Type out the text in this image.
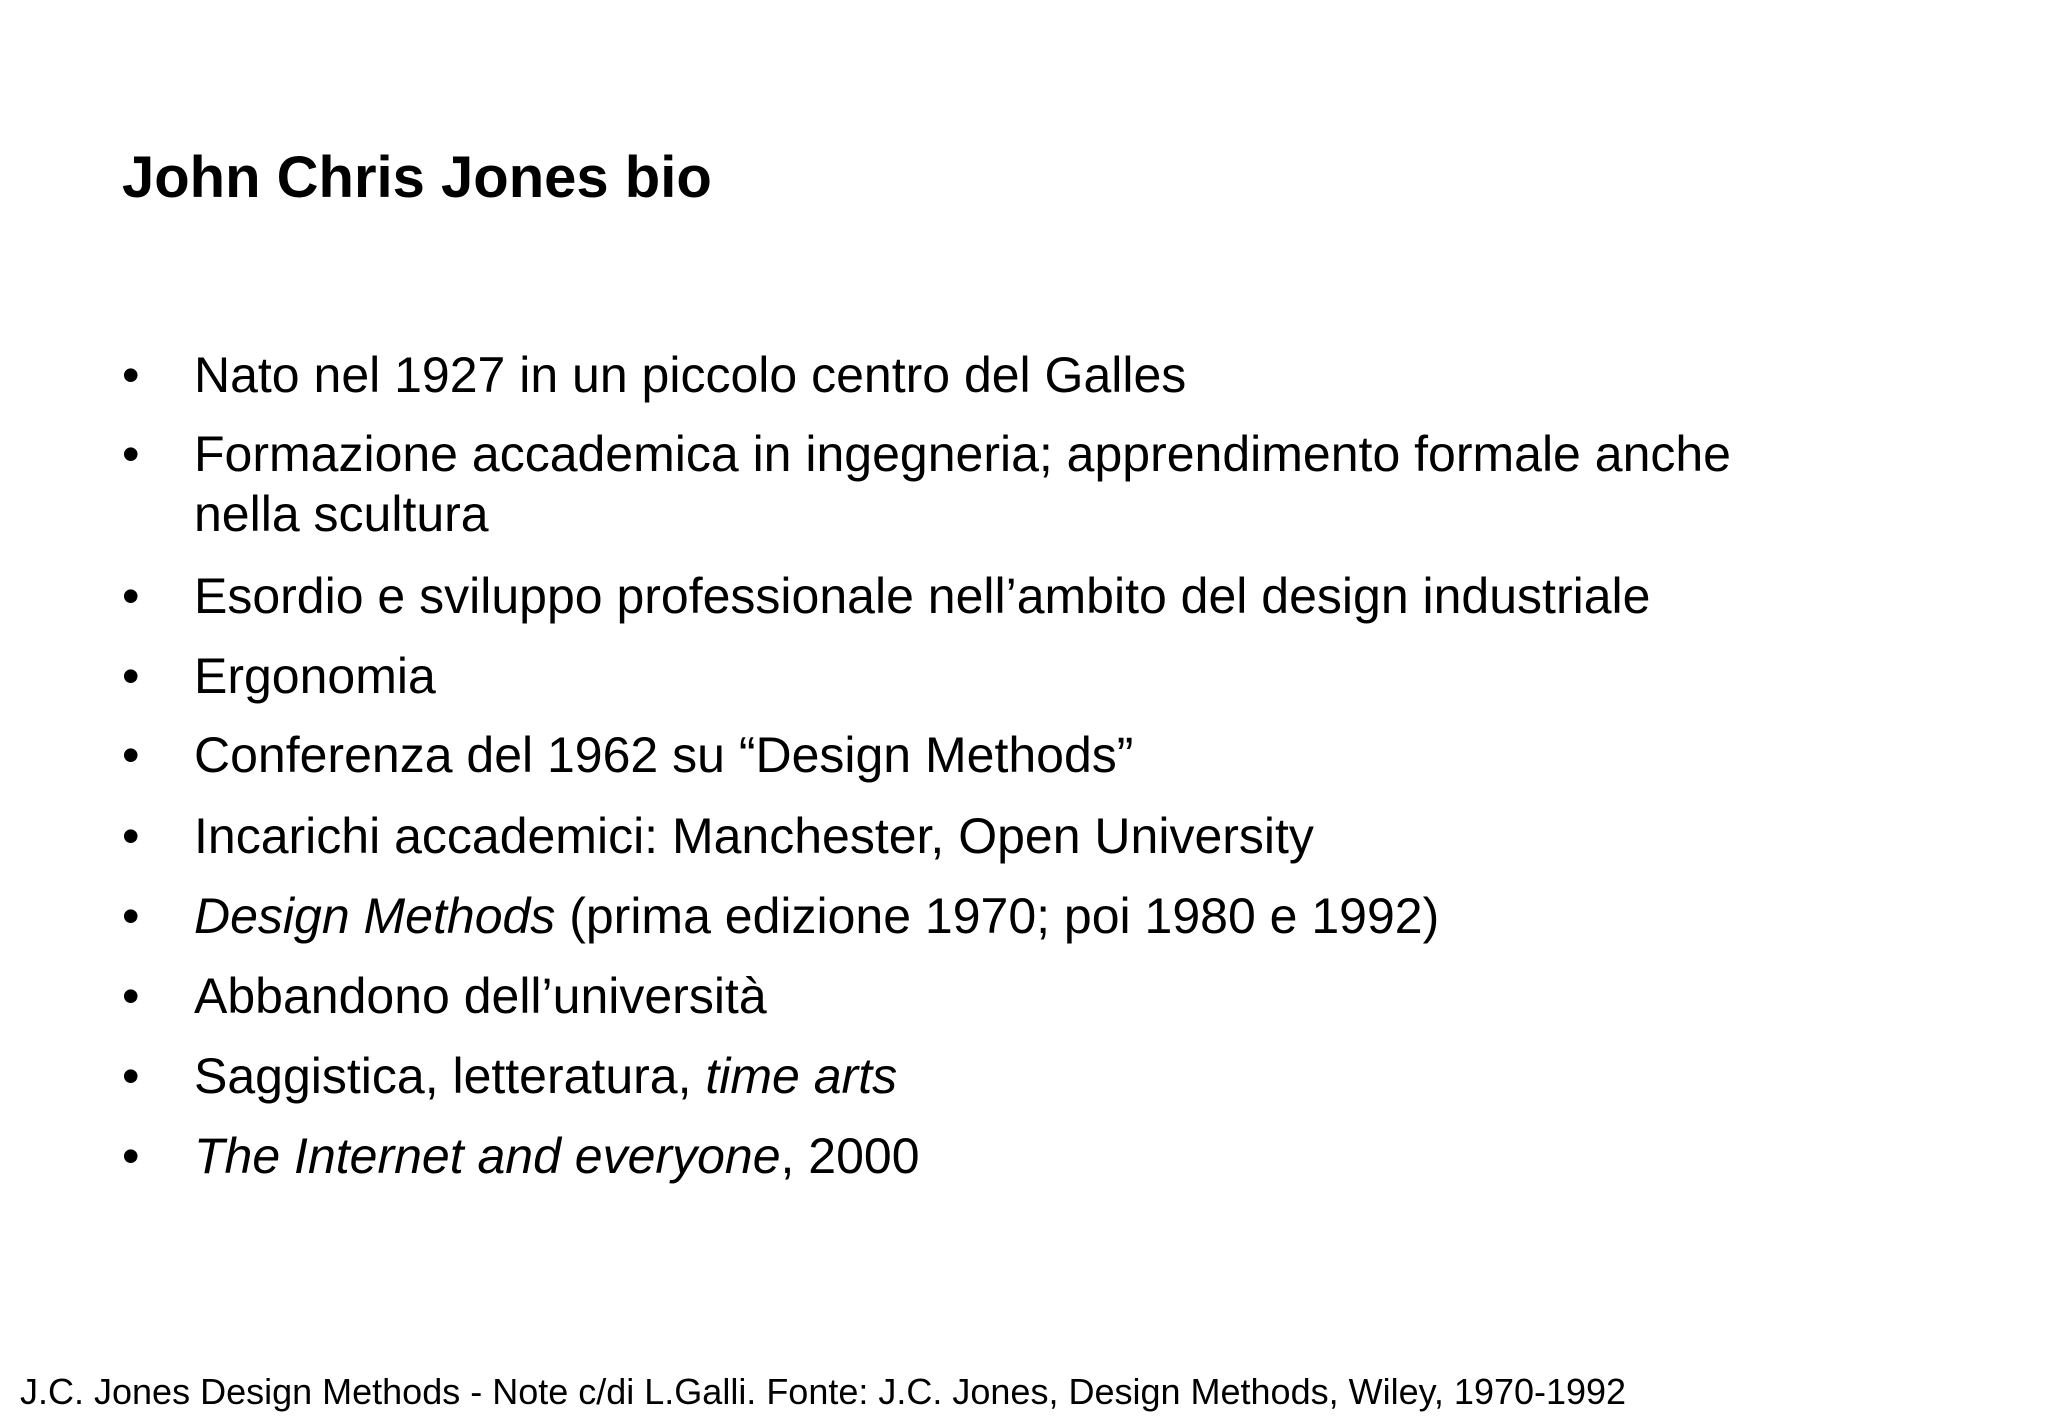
John Chris Jones bio
• Nato nel 1927 in un piccolo centro del Galles
• Formazione accademica in ingegneria; apprendimento formale anche
nella scultura
• Esordio e sviluppo professionale nell’ambito del design industriale
• Ergonomia
• Conferenza del 1962 su “Design Methods”
• Incarichi accademici: Manchester, Open University
• Design Methods (prima edizione 1970; poi 1980 e 1992)
• Abbandono dell’università
• Saggistica, letteratura, time arts
• The Internet and everyone, 2000
J.C. Jones Design Methods - Note c/di L.Galli. Fonte: J.C. Jones, Design Methods, Wiley, 1970-1992
